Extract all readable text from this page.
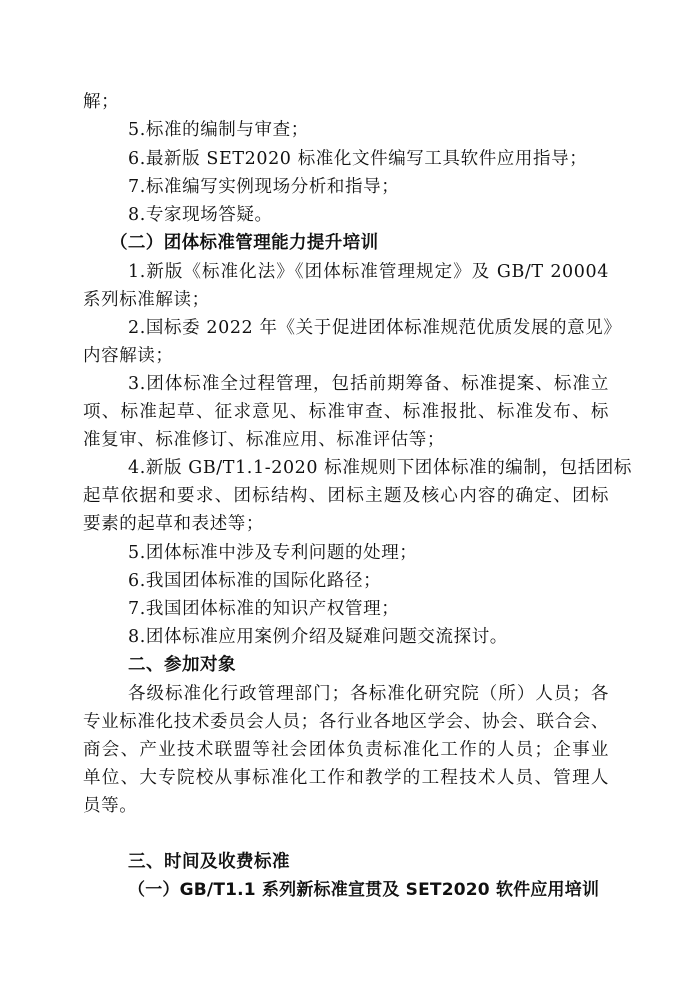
解；
5.标准的编制与审查；
6.最新版 SET2020 标准化文件编写工具软件应用指导；
7.标准编写实例现场分析和指导；
8.专家现场答疑。
（二）团体标准管理能力提升培训
1.新版《标准化法》《团体标准管理规定》及 GB/T 20004
系列标准解读；
2.国标委 2022 年《关于促进团体标准规范优质发展的意见》
内容解读；
3.团体标准全过程管理，包括前期筹备、标准提案、标准立
项、标准起草、征求意见、标准审查、标准报批、标准发布、标
准复审、标准修订、标准应用、标准评估等；
4.新版 GB/T1.1-2020 标准规则下团体标准的编制，包括团标
起草依据和要求、团标结构、团标主题及核心内容的确定、团标
要素的起草和表述等；
5.团体标准中涉及专利问题的处理；
6.我国团体标准的国际化路径；
7.我国团体标准的知识产权管理；
8.团体标准应用案例介绍及疑难问题交流探讨。
二、参加对象
各级标准化行政管理部门；各标准化研究院（所）人员；各
专业标准化技术委员会人员；各行业各地区学会、协会、联合会、
商会、产业技术联盟等社会团体负责标准化工作的人员；企事业
单位、大专院校从事标准化工作和教学的工程技术人员、管理人
员等。
三、时间及收费标准
（一）GB/T1.1 系列新标准宣贯及 SET2020 软件应用培训
